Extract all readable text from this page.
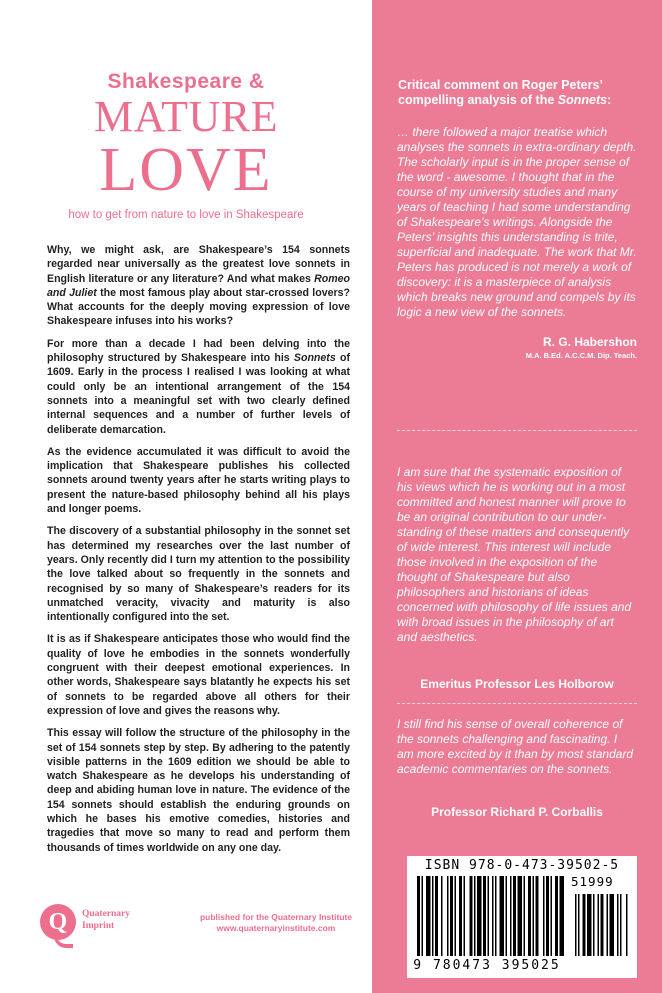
Shakespeare &
MATURE
LOVE
how to get from nature to love in Shakespeare

Why, we might ask, are Shakespeare’s 154 sonnets regarded near universally as the greatest love sonnets in English literature or any literature? And what makes Romeo and Juliet the most famous play about star-crossed lovers? What accounts for the deeply moving expression of love Shakespeare infuses into his works?

For more than a decade I had been delving into the philosophy structured by Shakespeare into his Sonnets of 1609. Early in the process I realised I was looking at what could only be an intentional arrangement of the 154 sonnets into a meaningful set with two clearly defined internal sequences and a number of further levels of deliberate demarcation.

As the evidence accumulated it was difficult to avoid the implication that Shakespeare publishes his collected sonnets around twenty years after he starts writing plays to present the nature-based philosophy behind all his plays and longer poems.

The discovery of a substantial philosophy in the sonnet set has determined my researches over the last number of years. Only recently did I turn my attention to the possibility the love talked about so frequently in the sonnets and recognised by so many of Shakespeare’s readers for its unmatched veracity, vivacity and maturity is also intentionally configured into the set.

It is as if Shakespeare anticipates those who would find the quality of love he embodies in the sonnets wonderfully congruent with their deepest emotional experiences. In other words, Shakespeare says blatantly he expects his set of sonnets to be regarded above all others for their expression of love and gives the reasons why.

This essay will follow the structure of the philosophy in the set of 154 sonnets step by step. By adhering to the patently visible patterns in the 1609 edition we should be able to watch Shakespeare as he develops his understanding of deep and abiding human love in nature. The evidence of the 154 sonnets should establish the enduring grounds on which he bases his emotive comedies, histories and tragedies that move so many to read and perform them thousands of times worldwide on any one day.

Q	Quaternary
Imprint
published for the Quaternary Institute
www.quaternaryinstitute.com
Critical comment on Roger Peters’ compelling analysis of the Sonnets:
… there followed a major treatise which analyses the sonnets in extra-ordinary depth. The scholarly input is in the proper sense of the word - awesome. I thought that in the course of my university studies and many years of teaching I had some understanding of Shakespeare’s writings. Alongside the Peters’ insights this understanding is trite, superficial and inadequate. The work that Mr. Peters has produced is not merely a work of discovery: it is a masterpiece of analysis which breaks new ground and compels by its logic a new view of the sonnets.
R. G. Habershon
M.A. B.Ed. A.C.C.M. Dip. Teach.
I am sure that the systematic exposition of his views which he is working out in a most committed and honest manner will prove to be an original contribution to our under-standing of these matters and consequently of wide interest. This interest will include those involved in the exposition of the thought of Shakespeare but also philosophers and historians of ideas concerned with philosophy of life issues and with broad issues in the philosophy of art and aesthetics.
Emeritus Professor Les Holborow
I still find his sense of overall coherence of the sonnets challenging and fascinating. I am more excited by it than by most standard academic commentaries on the sonnets.
Professor Richard P. Corballis
ISBN 978-0-473-39502-5
51999
9 780473 395025
